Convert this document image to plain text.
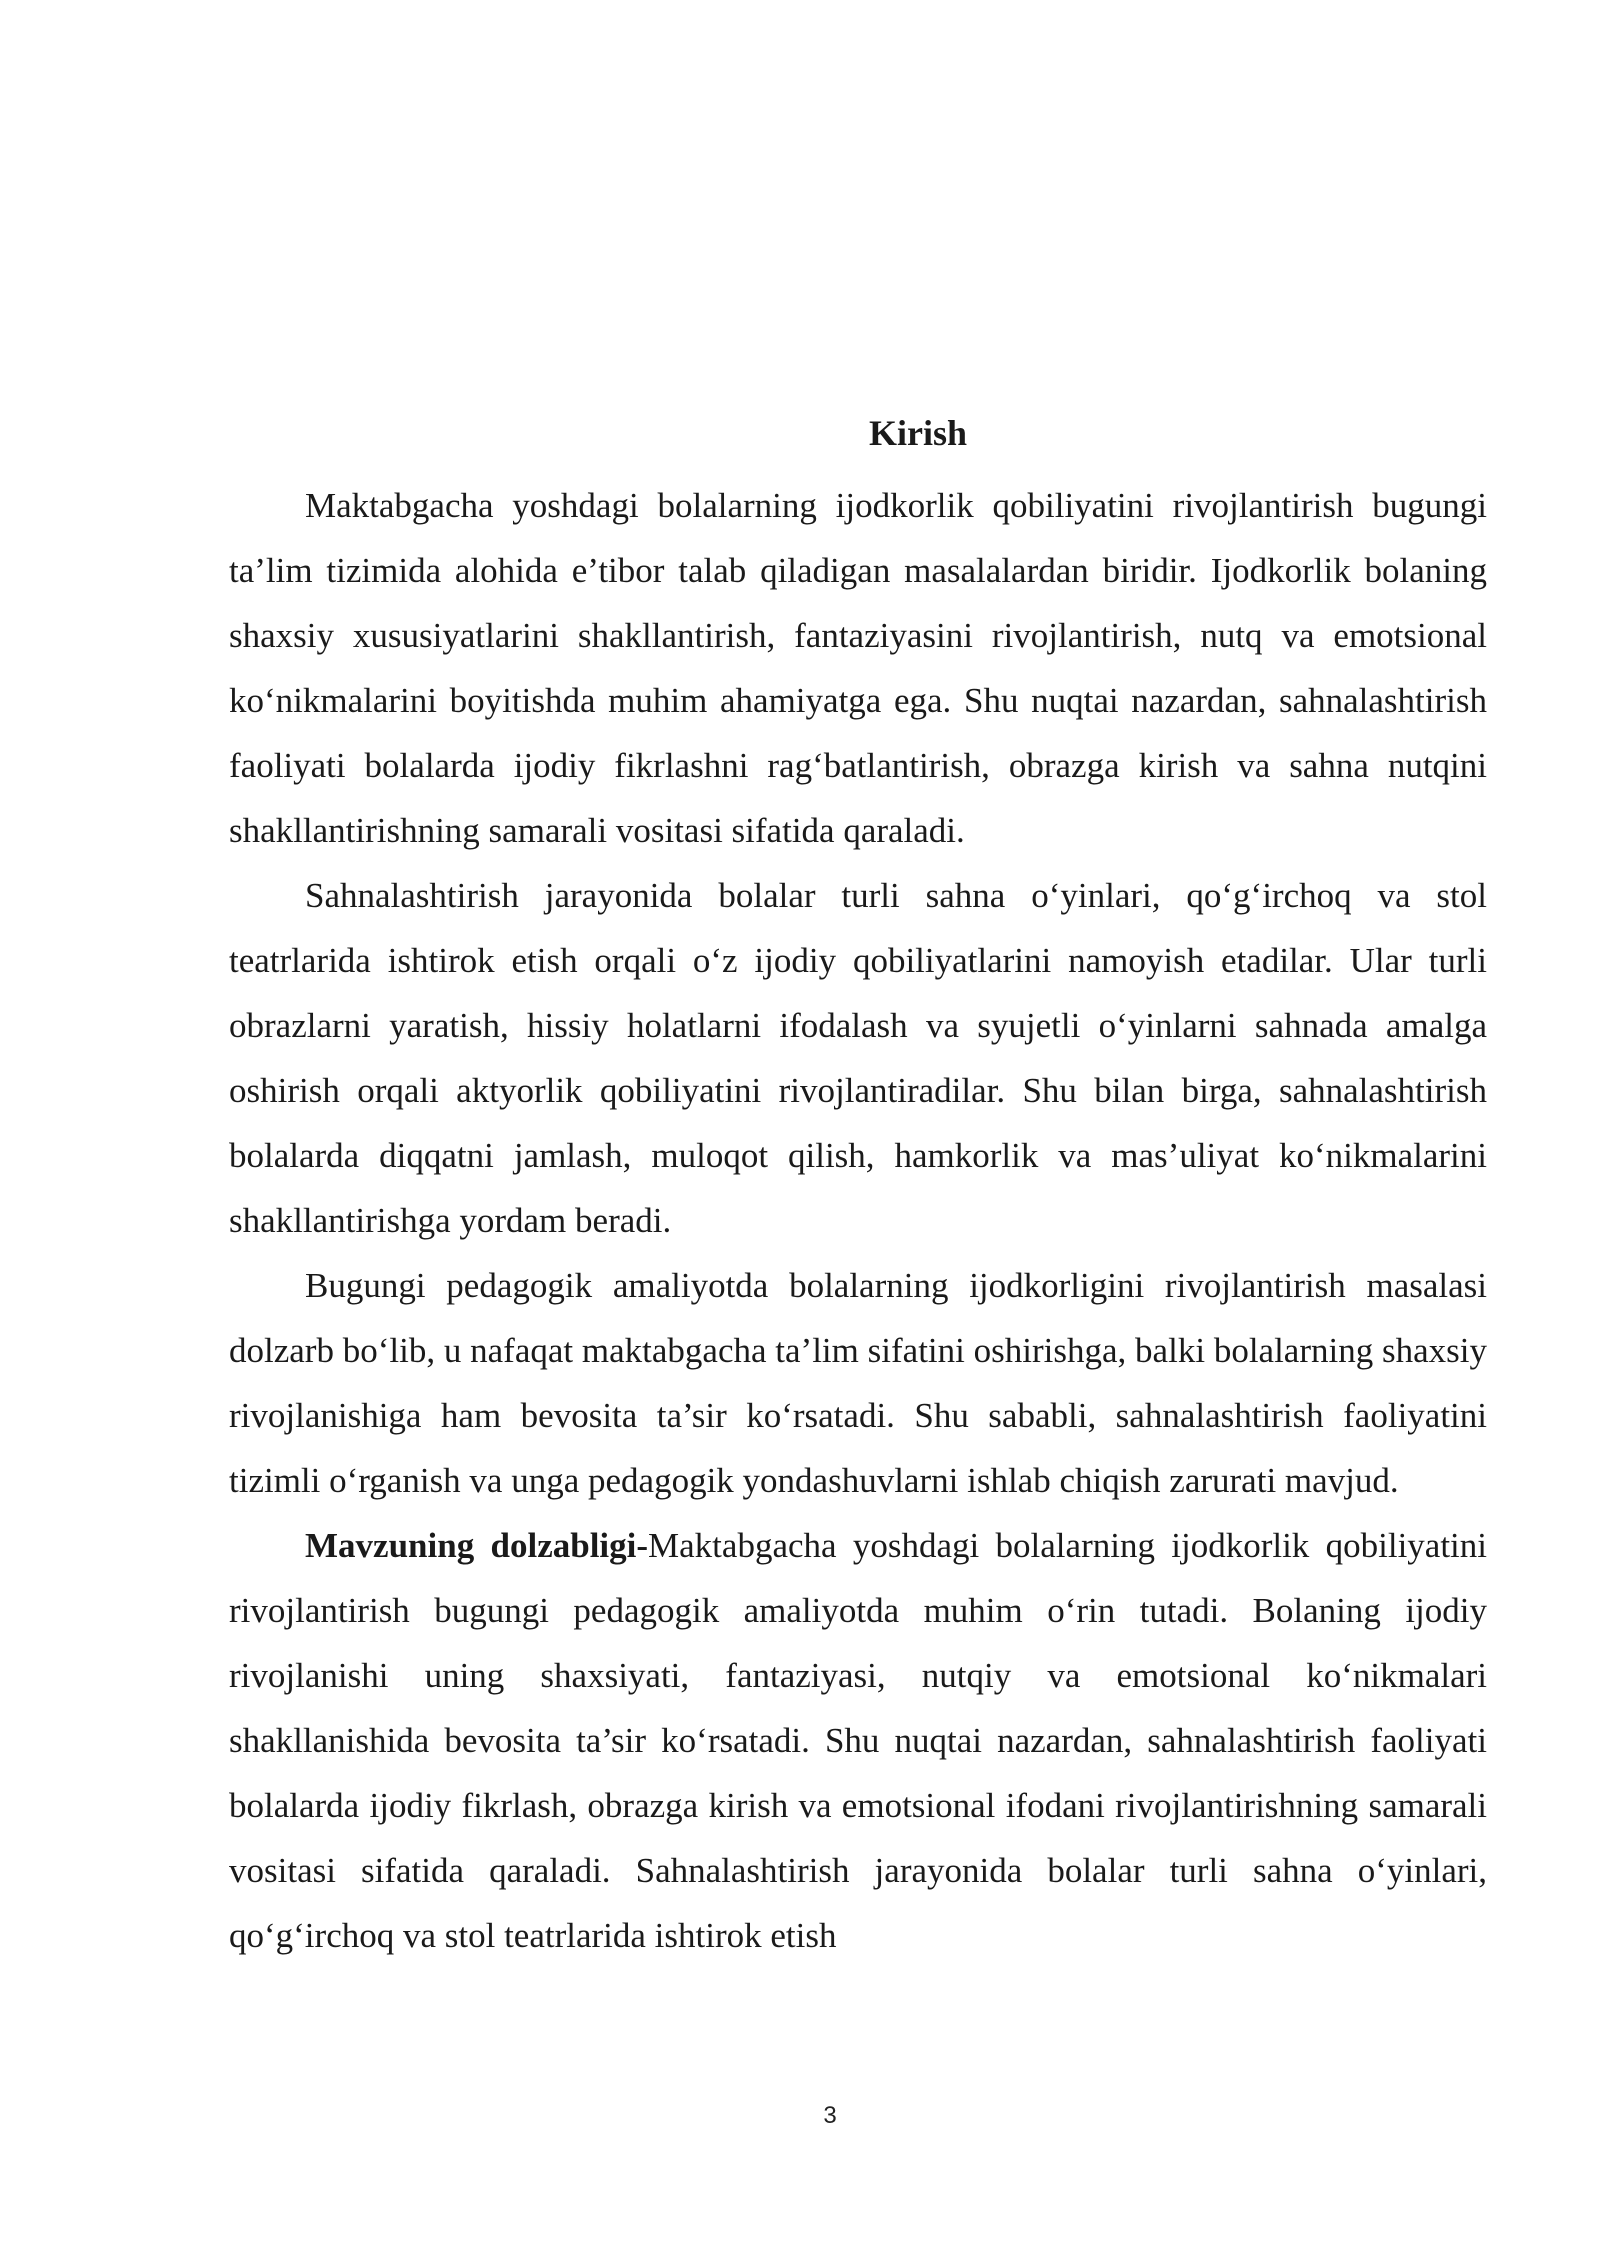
Kirish

Maktabgacha yoshdagi bolalarning ijodkorlik qobiliyatini rivojlantirish bugungi ta’lim tizimida alohida e’tibor talab qiladigan masalalardan biridir. Ijodkorlik bolaning shaxsiy xususiyatlarini shakllantirish, fantaziyasini rivojlantirish, nutq va emotsional ko‘nikmalarini boyitishda muhim ahamiyatga ega. Shu nuqtai nazardan, sahnalashtirish faoliyati bolalarda ijodiy fikrlashni rag‘batlantirish, obrazga kirish va sahna nutqini shakllantirishning samarali vositasi sifatida qaraladi.

Sahnalashtirish jarayonida bolalar turli sahna o‘yinlari, qo‘g‘irchoq va stol teatrlarida ishtirok etish orqali o‘z ijodiy qobiliyatlarini namoyish etadilar. Ular turli obrazlarni yaratish, hissiy holatlarni ifodalash va syujetli o‘yinlarni sahnada amalga oshirish orqali aktyorlik qobiliyatini rivojlantiradilar. Shu bilan birga, sahnalashtirish bolalarda diqqatni jamlash, muloqot qilish, hamkorlik va mas’uliyat ko‘nikmalarini shakllantirishga yordam beradi.

Bugungi pedagogik amaliyotda bolalarning ijodkorligini rivojlantirish masalasi dolzarb bo‘lib, u nafaqat maktabgacha ta’lim sifatini oshirishga, balki bolalarning shaxsiy rivojlanishiga ham bevosita ta’sir ko‘rsatadi. Shu sababli, sahnalashtirish faoliyatini tizimli o‘rganish va unga pedagogik yondashuvlarni ishlab chiqish zarurati mavjud.

Mavzuning dolzabligi-Maktabgacha yoshdagi bolalarning ijodkorlik qobiliyatini rivojlantirish bugungi pedagogik amaliyotda muhim o‘rin tutadi. Bolaning ijodiy rivojlanishi uning shaxsiyati, fantaziyasi, nutqiy va emotsional ko‘nikmalari shakllanishida bevosita ta’sir ko‘rsatadi. Shu nuqtai nazardan, sahnalashtirish faoliyati bolalarda ijodiy fikrlash, obrazga kirish va emotsional ifodani rivojlantirishning samarali vositasi sifatida qaraladi. Sahnalashtirish jarayonida bolalar turli sahna o‘yinlari, qo‘g‘irchoq va stol teatrlarida ishtirok etish

3
